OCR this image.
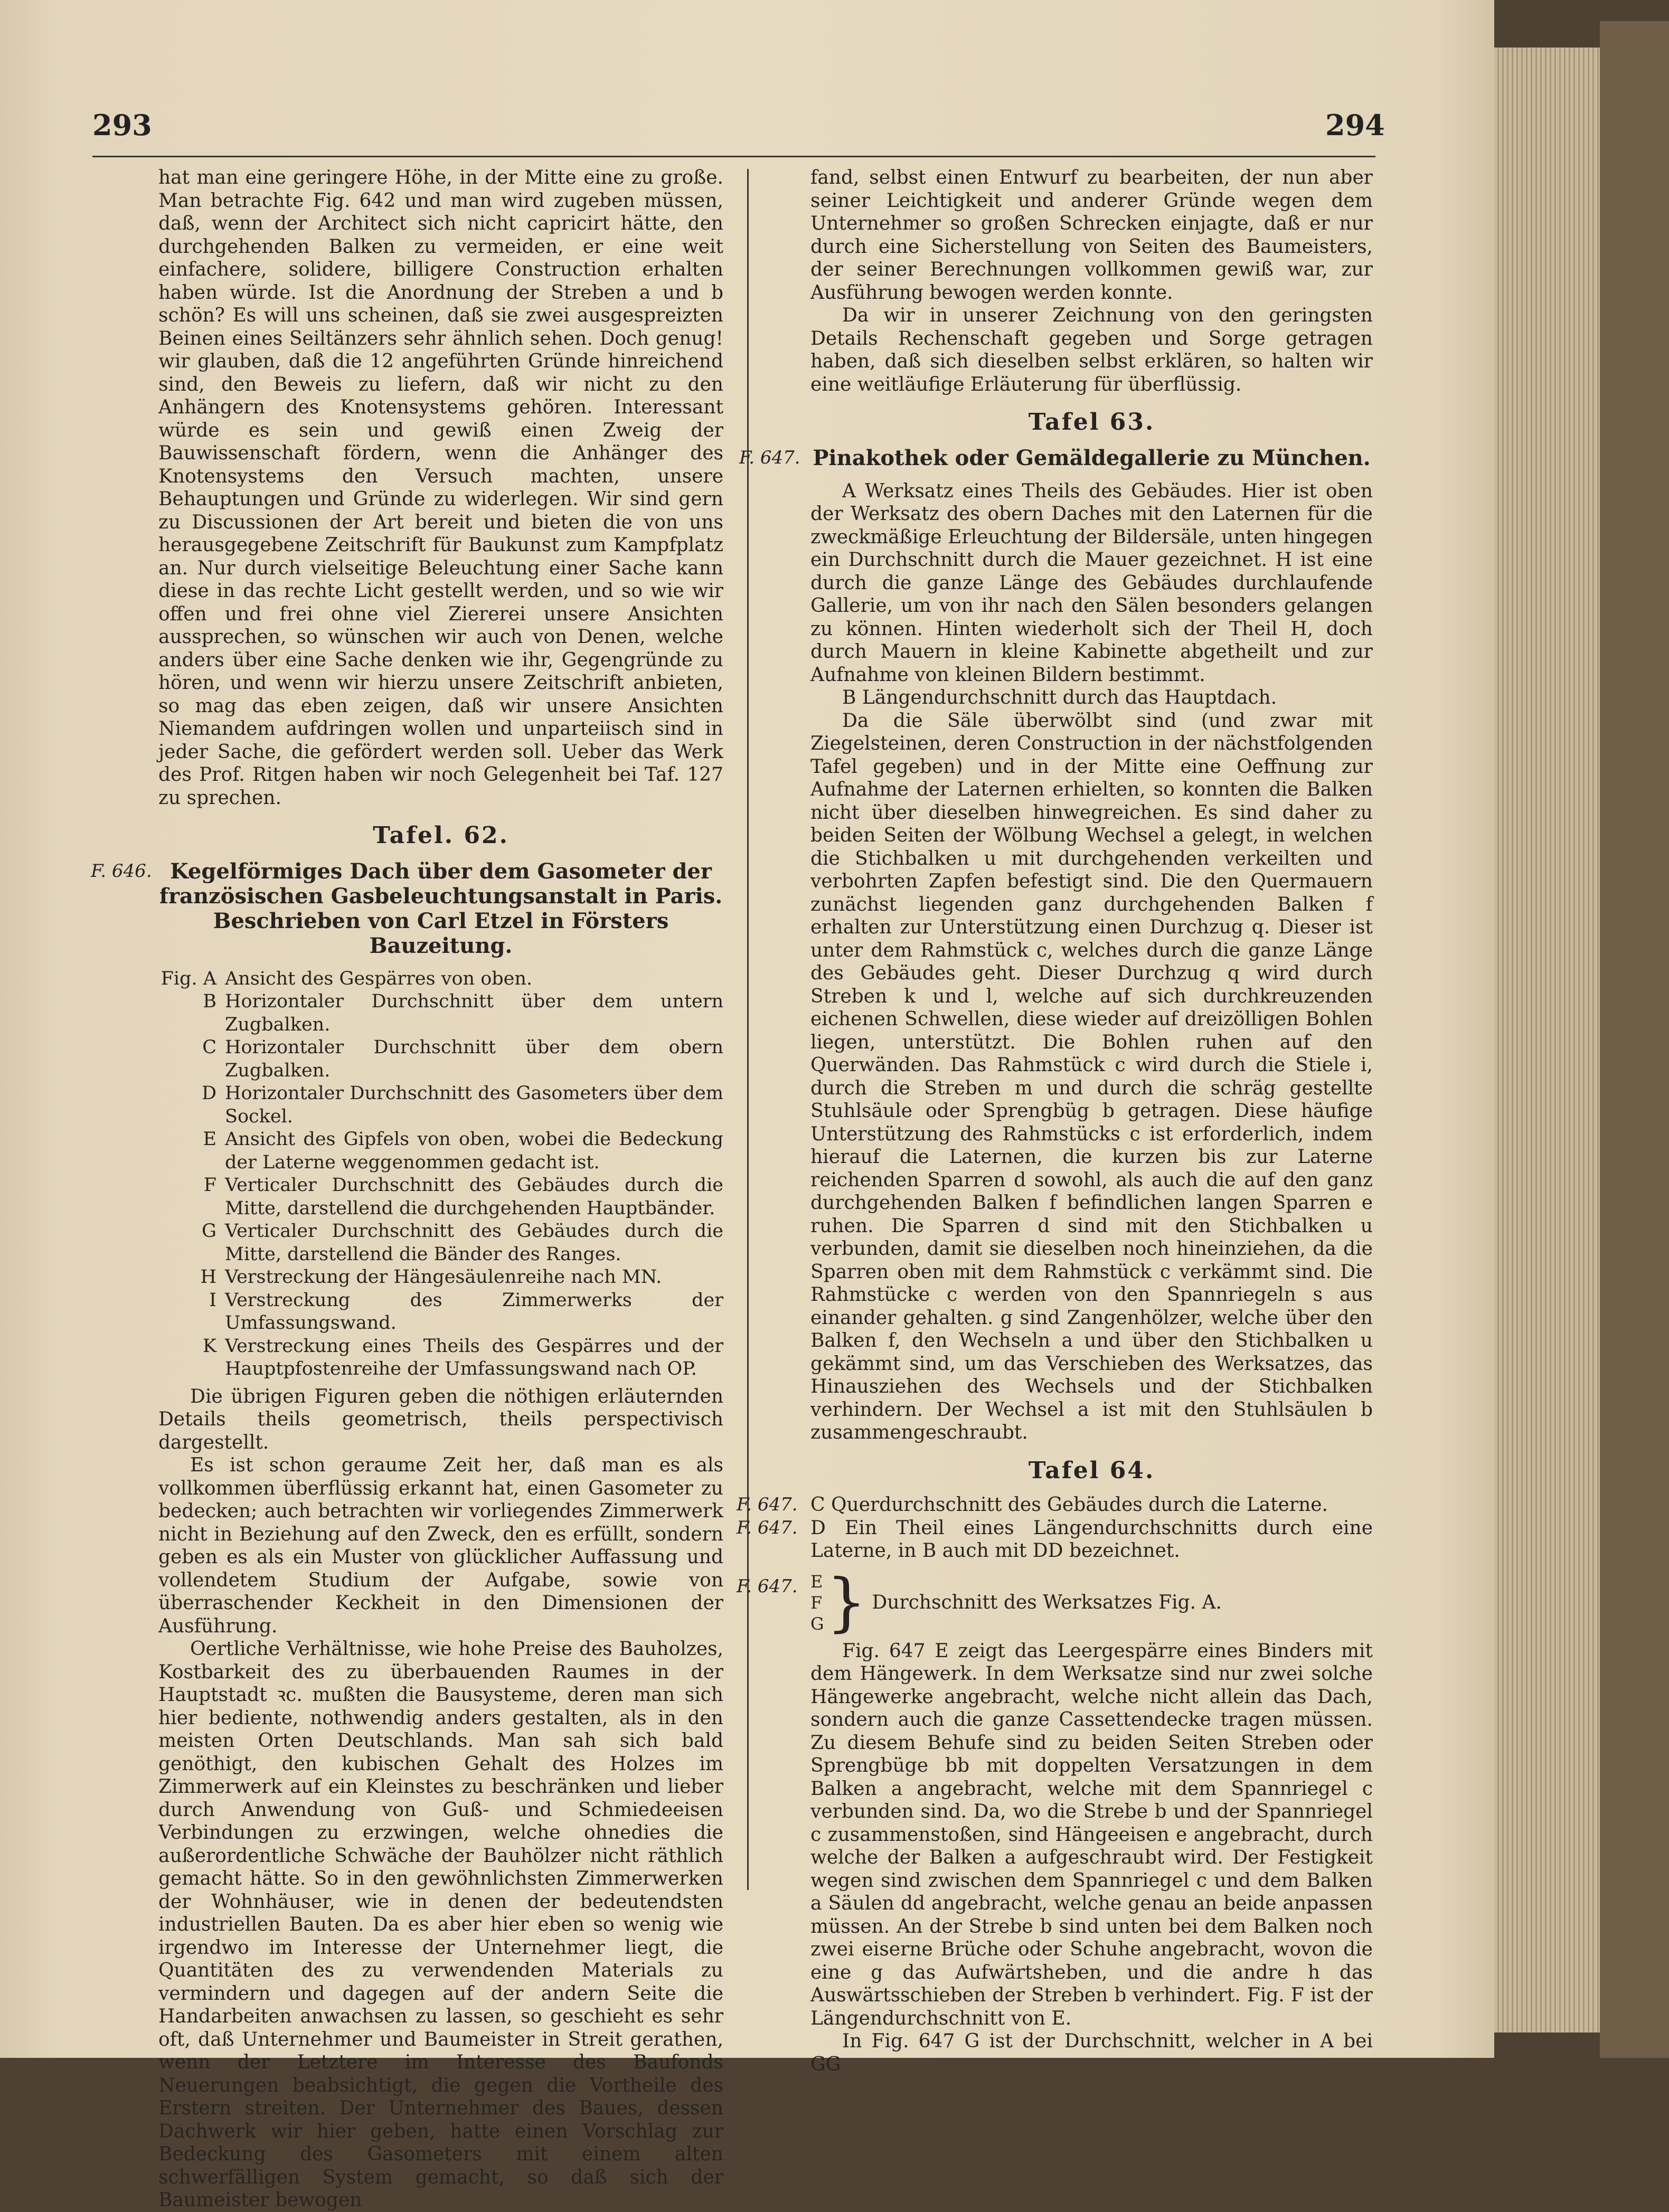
293	294

hat man eine geringere Höhe, in der Mitte eine zu große. Man betrachte Fig. 642 und man wird zugeben müssen, daß, wenn der Architect sich nicht capricirt hätte, den durchgehenden Balken zu vermeiden, er eine weit einfachere, solidere, billigere Construction erhalten haben würde. Ist die Anordnung der Streben a und b schön? Es will uns scheinen, daß sie zwei ausgespreizten Beinen eines Seiltänzers sehr ähnlich sehen. Doch genug! wir glauben, daß die 12 angeführten Gründe hinreichend sind, den Beweis zu liefern, daß wir nicht zu den Anhängern des Knotensystems gehören. Interessant würde es sein und gewiß einen Zweig der Bauwissenschaft fördern, wenn die Anhänger des Knotensystems den Versuch machten, unsere Behauptungen und Gründe zu widerlegen. Wir sind gern zu Discussionen der Art bereit und bieten die von uns herausgegebene Zeitschrift für Baukunst zum Kampfplatz an. Nur durch vielseitige Beleuchtung einer Sache kann diese in das rechte Licht gestellt werden, und so wie wir offen und frei ohne viel Ziererei unsere Ansichten aussprechen, so wünschen wir auch von Denen, welche anders über eine Sache denken wie ihr, Gegengründe zu hören, und wenn wir hierzu unsere Zeitschrift anbieten, so mag das eben zeigen, daß wir unsere Ansichten Niemandem aufdringen wollen und unparteiisch sind in jeder Sache, die gefördert werden soll. Ueber das Werk des Prof. Ritgen haben wir noch Gelegenheit bei Taf. 127 zu sprechen.

Tafel. 62.
F. 646. Kegelförmiges Dach über dem Gasometer der französischen Gasbeleuchtungsanstalt in Paris. Beschrieben von Carl Etzel in Försters Bauzeitung.
Fig. A Ansicht des Gespärres von oben.
B Horizontaler Durchschnitt über dem untern Zugbalken.
C Horizontaler Durchschnitt über dem obern Zugbalken.
D Horizontaler Durchschnitt des Gasometers über dem Sockel.
E Ansicht des Gipfels von oben, wobei die Bedeckung der Laterne weggenommen gedacht ist.
F Verticaler Durchschnitt des Gebäudes durch die Mitte, darstellend die durchgehenden Hauptbänder.
G Verticaler Durchschnitt des Gebäudes durch die Mitte, darstellend die Bänder des Ranges.
H Verstreckung der Hängesäulenreihe nach MN.
I Verstreckung des Zimmerwerks der Umfassungswand.
K Verstreckung eines Theils des Gespärres und der Hauptpfostenreihe der Umfassungswand nach OP.

Die übrigen Figuren geben die nöthigen erläuternden Details theils geometrisch, theils perspectivisch dargestellt.

Es ist schon geraume Zeit her, daß man es als vollkommen überflüssig erkannt hat, einen Gasometer zu bedecken; auch betrachten wir vorliegendes Zimmerwerk nicht in Beziehung auf den Zweck, den es erfüllt, sondern geben es als ein Muster von glücklicher Auffassung und vollendetem Studium der Aufgabe, sowie von überraschender Keckheit in den Dimensionen der Ausführung.

Oertliche Verhältnisse, wie hohe Preise des Bauholzes, Kostbarkeit des zu überbauenden Raumes in der Hauptstadt ꝛc. mußten die Bausysteme, deren man sich hier bediente, nothwendig anders gestalten, als in den meisten Orten Deutschlands. Man sah sich bald genöthigt, den kubischen Gehalt des Holzes im Zimmerwerk auf ein Kleinstes zu beschränken und lieber durch Anwendung von Guß- und Schmiedeeisen Verbindungen zu erzwingen, welche ohnedies die außerordentliche Schwäche der Bauhölzer nicht räthlich gemacht hätte. So in den gewöhnlichsten Zimmerwerken der Wohnhäuser, wie in denen der bedeutendsten industriellen Bauten. Da es aber hier eben so wenig wie irgendwo im Interesse der Unternehmer liegt, die Quantitäten des zu verwendenden Materials zu vermindern und dagegen auf der andern Seite die Handarbeiten anwachsen zu lassen, so geschieht es sehr oft, daß Unternehmer und Baumeister in Streit gerathen, wenn der Letztere im Interesse des Baufonds Neuerungen beabsichtigt, die gegen die Vortheile des Erstern streiten. Der Unternehmer des Baues, dessen Dachwerk wir hier geben, hatte einen Vorschlag zur Bedeckung des Gasometers mit einem alten schwerfälligen System gemacht, so daß sich der Baumeister bewogen

fand, selbst einen Entwurf zu bearbeiten, der nun aber seiner Leichtigkeit und anderer Gründe wegen dem Unternehmer so großen Schrecken einjagte, daß er nur durch eine Sicherstellung von Seiten des Baumeisters, der seiner Berechnungen vollkommen gewiß war, zur Ausführung bewogen werden konnte.

Da wir in unserer Zeichnung von den geringsten Details Rechenschaft gegeben und Sorge getragen haben, daß sich dieselben selbst erklären, so halten wir eine weitläufige Erläuterung für überflüssig.

Tafel 63.
F. 647. Pinakothek oder Gemäldegallerie zu München.

A Werksatz eines Theils des Gebäudes. Hier ist oben der Werksatz des obern Daches mit den Laternen für die zweckmäßige Erleuchtung der Bildersäle, unten hingegen ein Durchschnitt durch die Mauer gezeichnet. H ist eine durch die ganze Länge des Gebäudes durchlaufende Gallerie, um von ihr nach den Sälen besonders gelangen zu können. Hinten wiederholt sich der Theil H, doch durch Mauern in kleine Kabinette abgetheilt und zur Aufnahme von kleinen Bildern bestimmt.

B Längendurchschnitt durch das Hauptdach.

Da die Säle überwölbt sind (und zwar mit Ziegelsteinen, deren Construction in der nächstfolgenden Tafel gegeben) und in der Mitte eine Oeffnung zur Aufnahme der Laternen erhielten, so konnten die Balken nicht über dieselben hinwegreichen. Es sind daher zu beiden Seiten der Wölbung Wechsel a gelegt, in welchen die Stichbalken u mit durchgehenden verkeilten und verbohrten Zapfen befestigt sind. Die den Quermauern zunächst liegenden ganz durchgehenden Balken f erhalten zur Unterstützung einen Durchzug q. Dieser ist unter dem Rahmstück c, welches durch die ganze Länge des Gebäudes geht. Dieser Durchzug q wird durch Streben k und l, welche auf sich durchkreuzenden eichenen Schwellen, diese wieder auf dreizölligen Bohlen liegen, unterstützt. Die Bohlen ruhen auf den Querwänden. Das Rahmstück c wird durch die Stiele i, durch die Streben m und durch die schräg gestellte Stuhlsäule oder Sprengbüg b getragen. Diese häufige Unterstützung des Rahmstücks c ist erforderlich, indem hierauf die Laternen, die kurzen bis zur Laterne reichenden Sparren d sowohl, als auch die auf den ganz durchgehenden Balken f befindlichen langen Sparren e ruhen. Die Sparren d sind mit den Stichbalken u verbunden, damit sie dieselben noch hineinziehen, da die Sparren oben mit dem Rahmstück c verkämmt sind. Die Rahmstücke c werden von den Spannriegeln s aus einander gehalten. g sind Zangenhölzer, welche über den Balken f, den Wechseln a und über den Stichbalken u gekämmt sind, um das Verschieben des Werksatzes, das Hinausziehen des Wechsels und der Stichbalken verhindern. Der Wechsel a ist mit den Stuhlsäulen b zusammengeschraubt.

Tafel 64.
F. 647. C Querdurchschnitt des Gebäudes durch die Laterne.
F. 647. D Ein Theil eines Längendurchschnitts durch eine Laterne, in B auch mit DD bezeichnet.
F. 647. E F G } Durchschnitt des Werksatzes Fig. A.

Fig. 647 E zeigt das Leergespärre eines Binders mit dem Hängewerk. In dem Werksatze sind nur zwei solche Hängewerke angebracht, welche nicht allein das Dach, sondern auch die ganze Cassettendecke tragen müssen. Zu diesem Behufe sind zu beiden Seiten Streben oder Sprengbüge bb mit doppelten Versatzungen in dem Balken a angebracht, welche mit dem Spannriegel c verbunden sind. Da, wo die Strebe b und der Spannriegel c zusammenstoßen, sind Hängeeisen e angebracht, durch welche der Balken a aufgeschraubt wird. Der Festigkeit wegen sind zwischen dem Spannriegel c und dem Balken a Säulen dd angebracht, welche genau an beide anpassen müssen. An der Strebe b sind unten bei dem Balken noch zwei eiserne Brüche oder Schuhe angebracht, wovon die eine g das Aufwärtsheben, und die andre h das Auswärtsschieben der Streben b verhindert. Fig. F ist der Längendurchschnitt von E.

In Fig. 647 G ist der Durchschnitt, welcher in A bei GG
